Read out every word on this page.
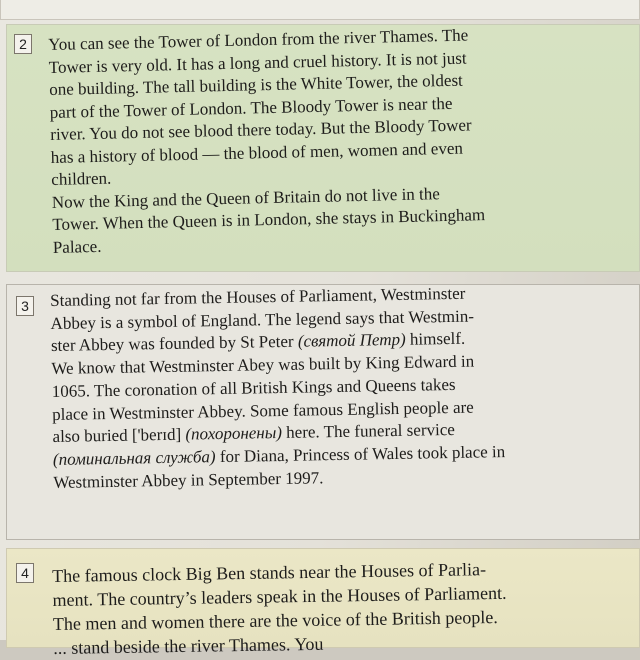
2	You can see the Tower of London from the river Thames. The
Tower is very old. It has a long and cruel history. It is not just
one building. The tall building is the White Tower, the oldest
part of the Tower of London. The Bloody Tower is near the
river. You do not see blood there today. But the Bloody Tower
has a history of blood — the blood of men, women and even
children.
Now the King and the Queen of Britain do not live in the
Tower. When the Queen is in London, she stays in Buckingham
Palace.
3	Standing not far from the Houses of Parliament, Westminster
Abbey is a symbol of England. The legend says that Westmin-
ster Abbey was founded by St Peter (святой Петр) himself.
We know that Westminster Abey was built by King Edward in
1065. The coronation of all British Kings and Queens takes
place in Westminster Abbey. Some famous English people are
also buried ['berɪd] (похоронены) here. The funeral service
(поминальная служба) for Diana, Princess of Wales took place in
Westminster Abbey in September 1997.
4 The famous clock Big Ben stands near the Houses of Parlia-
ment. The country’s leaders speak in the Houses of Parliament.
The men and women there are the voice of the British people.
... stand beside the river Thames. You
